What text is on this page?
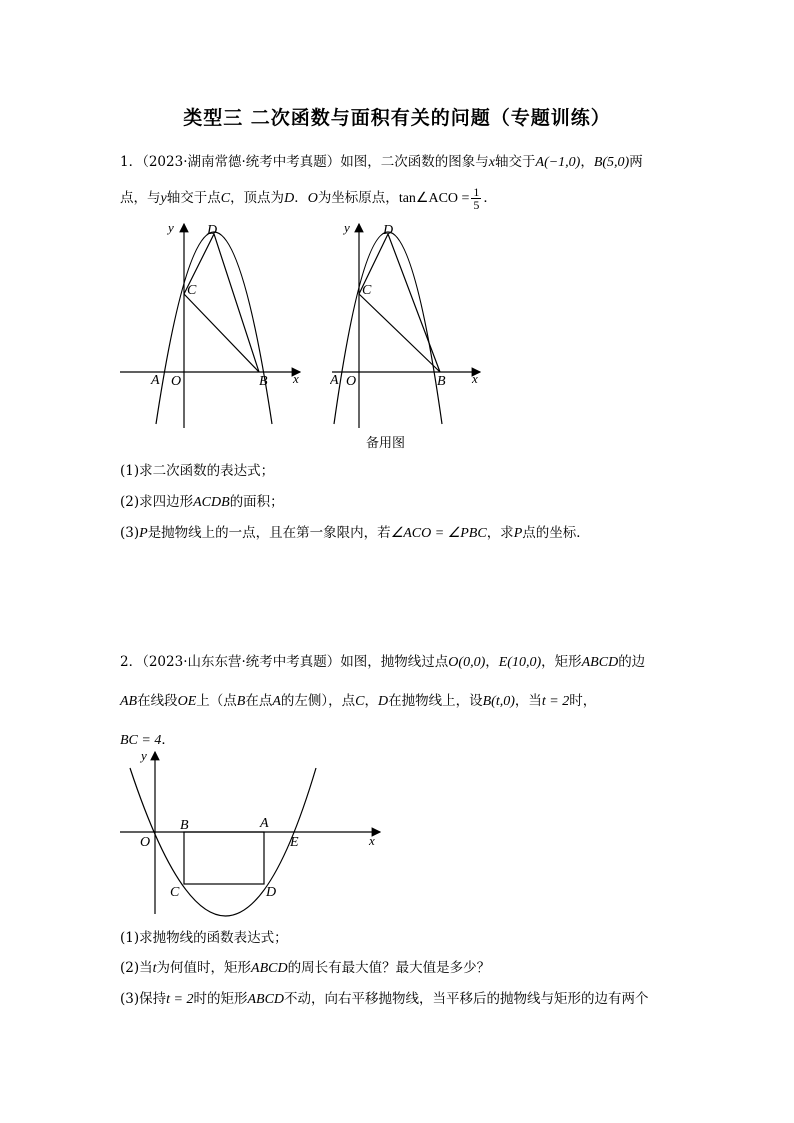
类型三 二次函数与面积有关的问题（专题训练）
1．（2023·湖南常德·统考中考真题）如图，二次函数的图象与x轴交于A(−1,0)，B(5,0)两
点，与y轴交于点C，顶点为D．O为坐标原点，tan∠ACO = $\frac{1}{5}$ ．
y D
C
A O	B x
y D
C
A O	B x
备用图
(1)求二次函数的表达式；
(2)求四边形ACDB的面积；
(3)P是抛物线上的一点，且在第一象限内，若∠ACO = ∠PBC，求P点的坐标．
2．（2023·山东东营·统考中考真题）如图，抛物线过点O(0,0)，E(10,0)，矩形ABCD的边
AB在线段OE上（点B在点A的左侧），点C，D在抛物线上，设B(t,0)，当t = 2时，
BC = 4．
y
B	A
O	E	x
C	D
(1)求抛物线的函数表达式；
(2)当t为何值时，矩形ABCD的周长有最大值？最大值是多少？
(3)保持t = 2时的矩形ABCD不动，向右平移抛物线，当平移后的抛物线与矩形的边有两个
